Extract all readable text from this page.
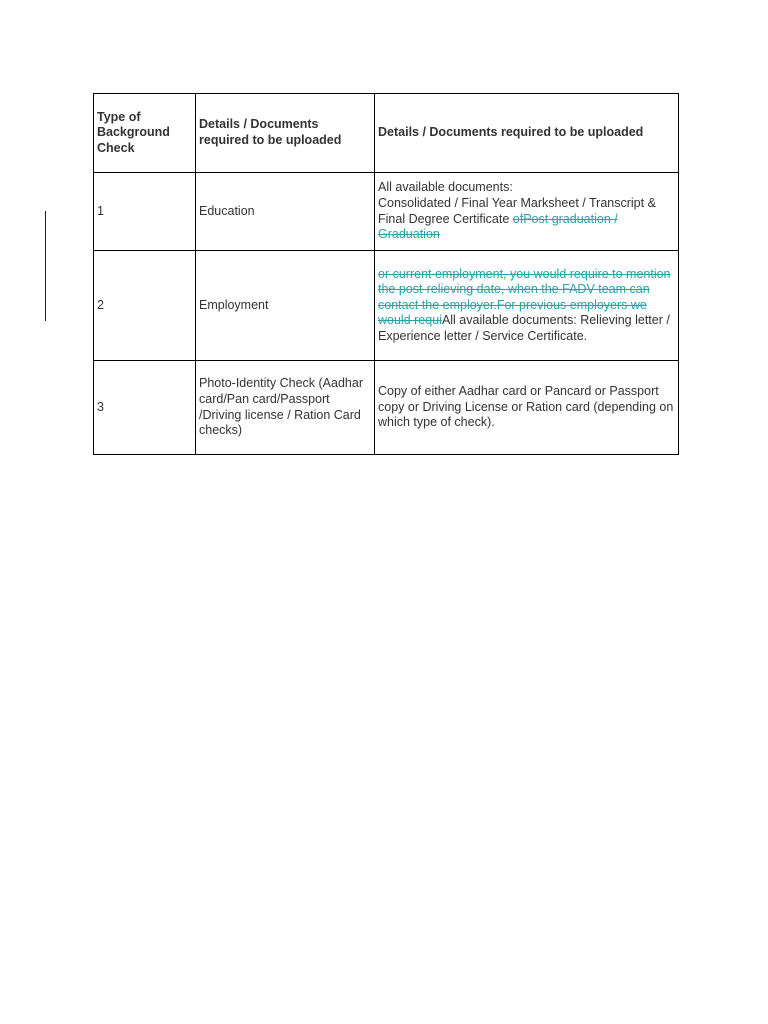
Type of Background Check	Details / Documents required to be uploaded	Details / Documents required to be uploaded
1	Education	All available documents:
Consolidated / Final Year Marksheet / Transcript & Final Degree Certificate ofPost graduation / Graduation
2	Employment	or current employment, you would require to mention the post-relieving date, when the FADV team can contact the employer.For previous employers we would requiAll available documents: Relieving letter / Experience letter / Service Certificate.
3	Photo-Identity Check (Aadhar card/Pan card/Passport /Driving license / Ration Card checks)	Copy of either Aadhar card or Pancard or Passport copy or Driving License or Ration card (depending on which type of check).
